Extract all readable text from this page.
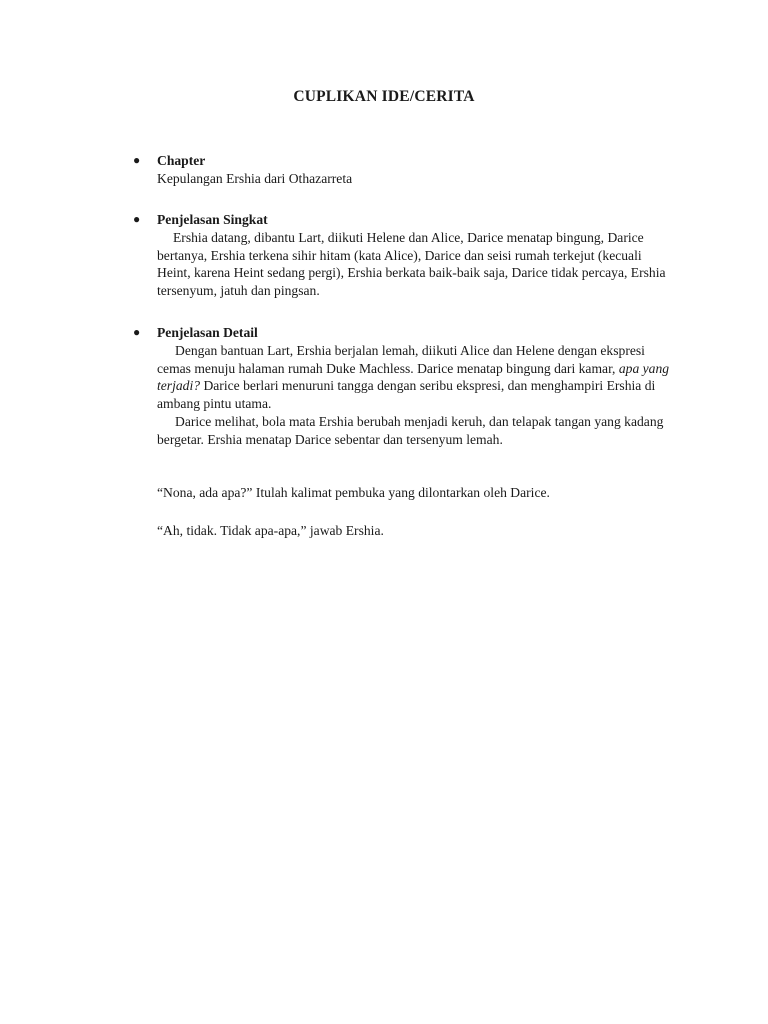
CUPLIKAN IDE/CERITA
● Chapter

Kepulangan Ershia dari Othazarreta

● Penjelasan Singkat

Ershia datang, dibantu Lart, diikuti Helene dan Alice, Darice menatap bingung, Darice bertanya, Ershia terkena sihir hitam (kata Alice), Darice dan seisi rumah terkejut (kecuali Heint, karena Heint sedang pergi), Ershia berkata baik-baik saja, Darice tidak percaya, Ershia tersenyum, jatuh dan pingsan.

● Penjelasan Detail

Dengan bantuan Lart, Ershia berjalan lemah, diikuti Alice dan Helene dengan ekspresi cemas menuju halaman rumah Duke Machless. Darice menatap bingung dari kamar, apa yang terjadi? Darice berlari menuruni tangga dengan seribu ekspresi, dan menghampiri Ershia di ambang pintu utama.

Darice melihat, bola mata Ershia berubah menjadi keruh, dan telapak tangan yang kadang bergetar. Ershia menatap Darice sebentar dan tersenyum lemah.

“Nona, ada apa?” Itulah kalimat pembuka yang dilontarkan oleh Darice.

“Ah, tidak. Tidak apa-apa,” jawab Ershia.
